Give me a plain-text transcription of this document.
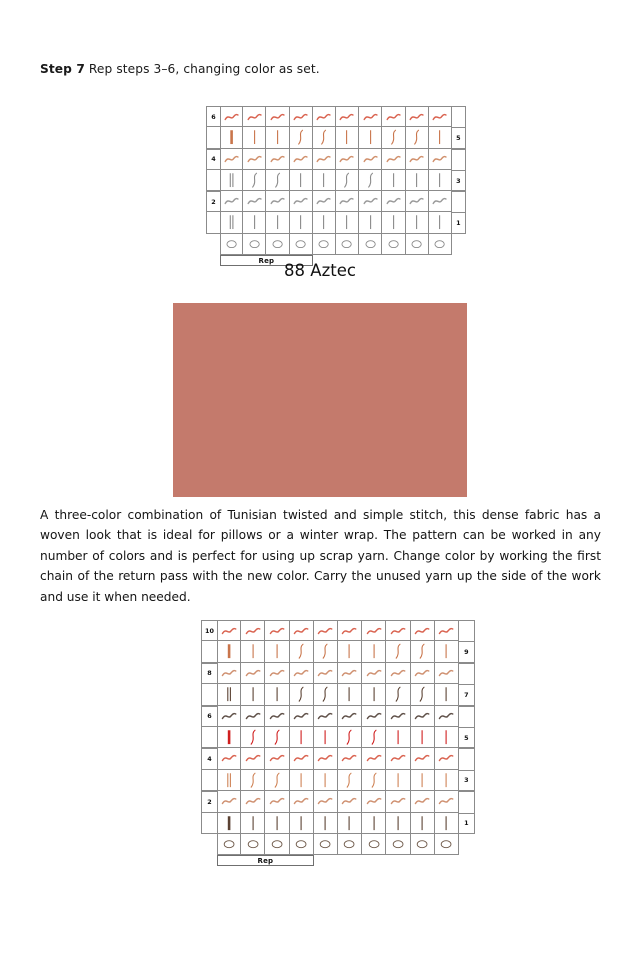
Step 7 Rep steps 3–6, changing color as set.
6
5
4
3
2
1
Rep
88 Aztec
A three-color combination of Tunisian twisted and simple stitch, this dense fabric has a woven look that is ideal for pillows or a winter wrap. The pattern can be worked in any number of colors and is perfect for using up scrap yarn. Change color by working the first chain of the return pass with the new color. Carry the unused yarn up the side of the work and use it when needed.
10
9
8
7
6
5
4
3
2
1
Rep
